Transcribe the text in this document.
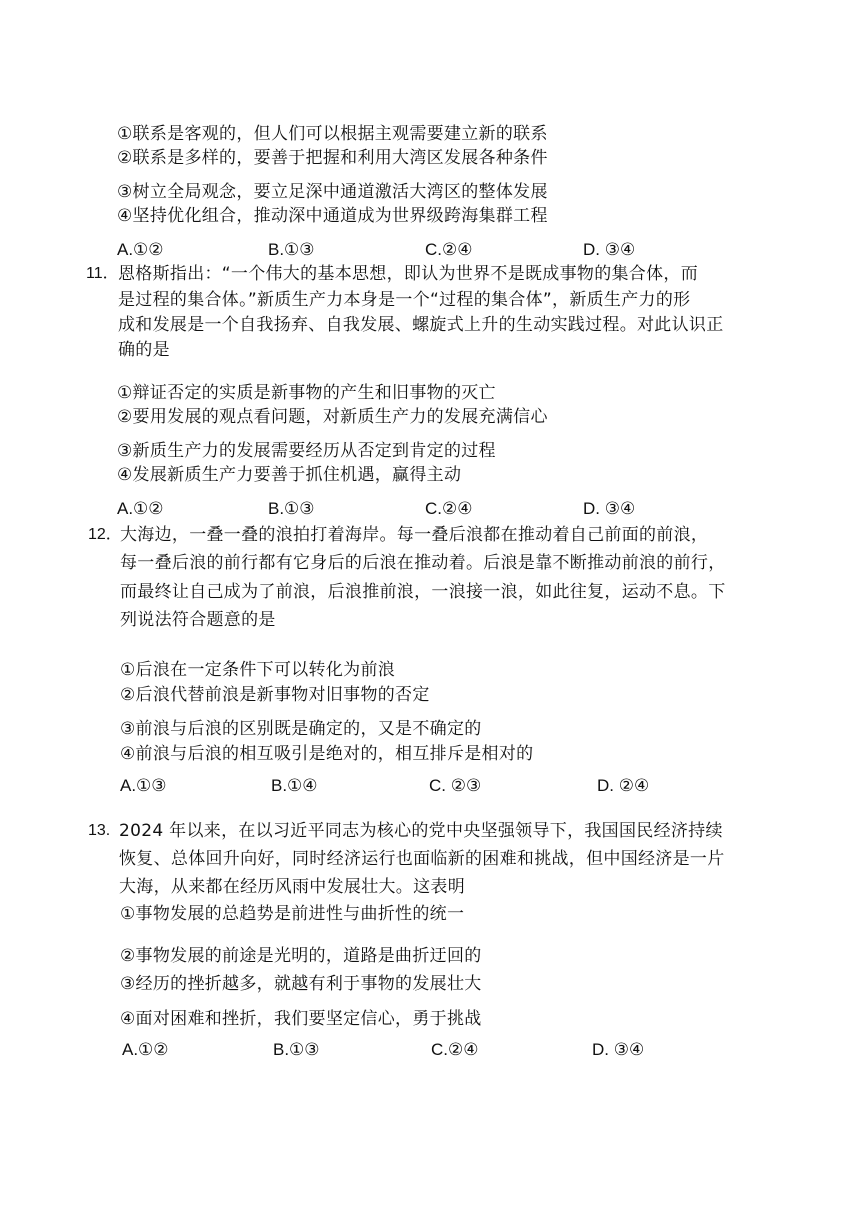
①联系是客观的，但人们可以根据主观需要建立新的联系
②联系是多样的，要善于把握和利用大湾区发展各种条件
③树立全局观念，要立足深中通道激活大湾区的整体发展
④坚持优化组合，推动深中通道成为世界级跨海集群工程
A.①②	B.①③	C.②④	D. ③④
11． 恩格斯指出：“一个伟大的基本思想，即认为世界不是既成事物的集合体，而
是过程的集合体。”新质生产力本身是一个“过程的集合体”，新质生产力的形
成和发展是一个自我扬弃、自我发展、螺旋式上升的生动实践过程。对此认识正
确的是
①辩证否定的实质是新事物的产生和旧事物的灭亡
②要用发展的观点看问题，对新质生产力的发展充满信心
③新质生产力的发展需要经历从否定到肯定的过程
④发展新质生产力要善于抓住机遇，赢得主动
A.①②	B.①③	C.②④	D. ③④
12．
大海边，一叠一叠的浪拍打着海岸。每一叠后浪都在推动着自己前面的前浪，
每一叠后浪的前行都有它身后的后浪在推动着。后浪是靠不断推动前浪的前行，
而最终让自己成为了前浪，后浪推前浪，一浪接一浪，如此往复，运动不息。下
列说法符合题意的是
①后浪在一定条件下可以转化为前浪
②后浪代替前浪是新事物对旧事物的否定
③前浪与后浪的区别既是确定的，又是不确定的
④前浪与后浪的相互吸引是绝对的，相互排斥是相对的
A.①③	B.①④	C. ②③	D. ②④
13. 2024 年以来，在以习近平同志为核心的党中央坚强领导下，我国国民经济持续
恢复、总体回升向好，同时经济运行也面临新的困难和挑战，但中国经济是一片
大海，从来都在经历风雨中发展壮大。这表明
①事物发展的总趋势是前进性与曲折性的统一
②事物发展的前途是光明的，道路是曲折迂回的
③经历的挫折越多，就越有利于事物的发展壮大
④面对困难和挫折，我们要坚定信心，勇于挑战
A.①②	B.①③	C.②④	D. ③④
